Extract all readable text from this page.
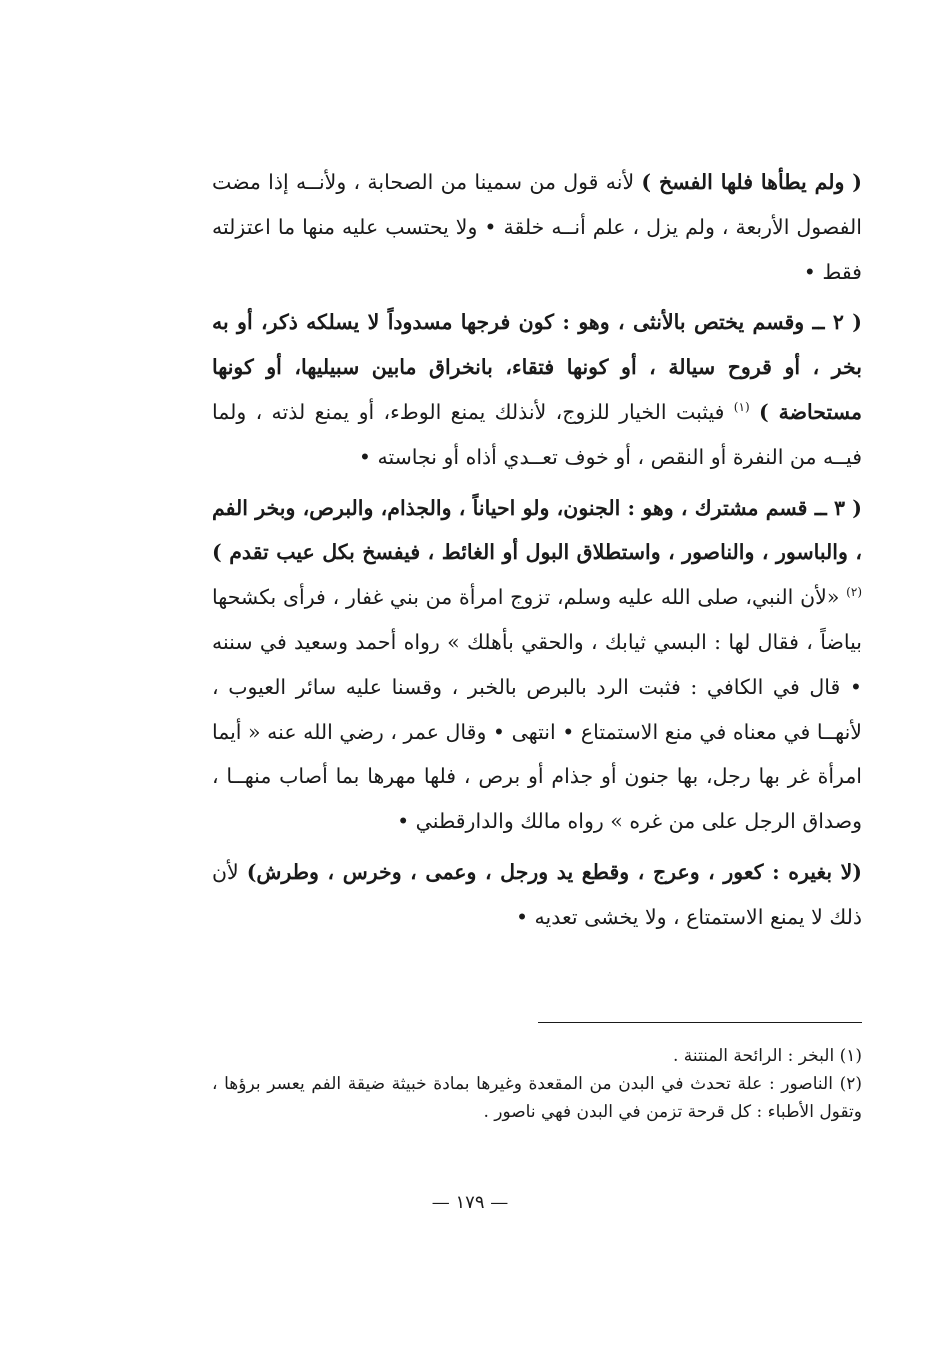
( ولم يطأها فلها الفسخ ) لأنه قول من سمينا من الصحابة ، ولأنــه إذا مضت الفصول الأربعة ، ولم يزل ، علم أنــه خلقة • ولا يحتسب عليه منها ما اعتزلته فقط •

( ٢ ــ وقسم يختص بالأنثى ، وهو : كون فرجها مسدوداً لا يسلكه ذكر، أو به بخر ، أو قروح سيالة ، أو كونها فتقاء، بانخراق مابين سبيليها، أو كونها مستحاضة ) $^{(١)}$ فيثبت الخيار للزوج، لأنذلك يمنع الوطء، أو يمنع لذته ، ولما فيــه من النفرة أو النقص ، أو خوف تعــدي أذاه أو نجاسته •

( ٣ ــ قسم مشترك ، وهو : الجنون، ولو احياناً ، والجذام، والبرص، وبخر الفم ، والباسور ، والناصور ، واستطلاق البول أو الغائط ، فيفسخ بكل عيب تقدم ) $^{(٢)}$ «لأن النبي، صلى الله عليه وسلم، تزوج امرأة من بني غفار ، فرأى بكشحها بياضاً ، فقال لها : البسي ثيابك ، والحقي بأهلك » رواه أحمد وسعيد في سننه • قال في الكافي : فثبت الرد بالبرص بالخبر ، وقسنا عليه سائر العيوب ، لأنهــا في معناه في منع الاستمتاع • انتهى • وقال عمر ، رضي الله عنه « أيما امرأة غر بها رجل، بها جنون أو جذام أو برص ، فلها مهرها بما أصاب منهــا ، وصداق الرجل على من غره » رواه مالك والدارقطني •

(لا بغيره : كعور ، وعرج ، وقطع يد ورجل ، وعمى ، وخرس ، وطرش) لأن ذلك لا يمنع الاستمتاع ، ولا يخشى تعديه •

(١) البخر : الرائحة المنتنة .

(٢) الناصور : علة تحدث في البدن من المقعدة وغيرها بمادة خبيثة ضيقة الفم يعسر برؤها ، وتقول الأطباء : كل قرحة تزمن في البدن فهي ناصور .

— ١٧٩ —
